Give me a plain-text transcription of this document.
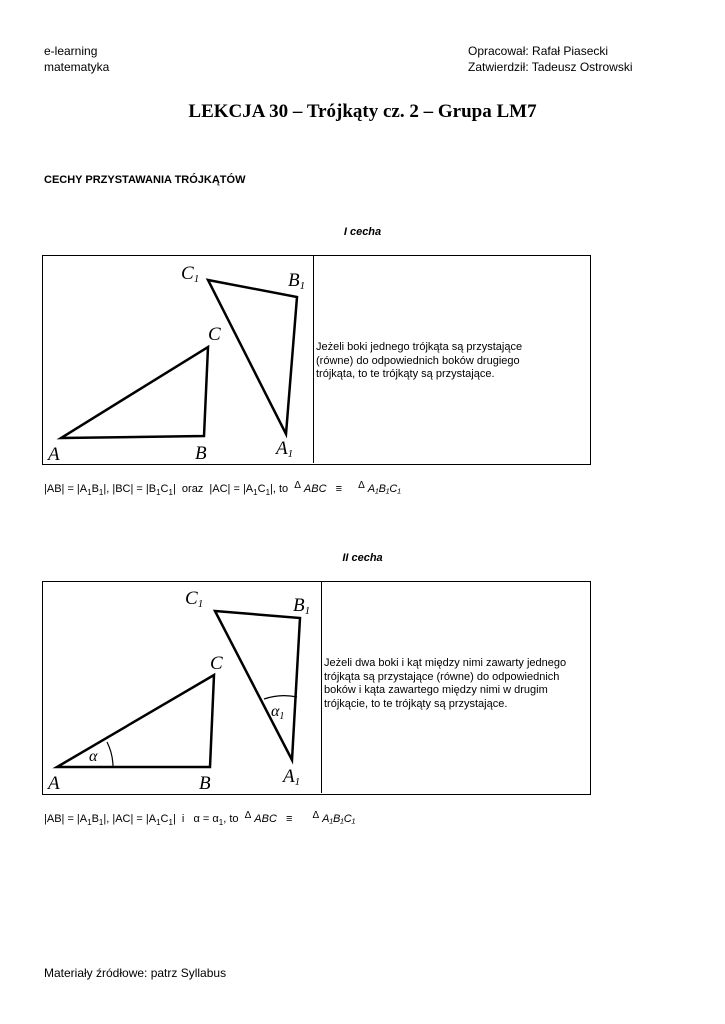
e-learning
matematyka
Opracował: Rafał Piasecki
Zatwierdził: Tadeusz Ostrowski
LEKCJA 30 – Trójkąty cz. 2 – Grupa LM7
CECHY PRZYSTAWANIA TRÓJKĄTÓW
I cecha
A	B
C
C1	B1
A1
Jeżeli boki jednego trójkąta są przystające (równe) do odpowiednich boków drugiego trójkąta, to te trójkąty są przystające.
$|AB| = |A_1B_1|$, $|BC| = |B_1C_1|$  oraz  $|AC| = |A_1C_1|$, to Δ ABC ≡ Δ A₁B₁C₁
II cecha
α
α1
A	B
C
C1	B1
A1
Jeżeli dwa boki i kąt między nimi zawarty jednego trójkąta są przystające (równe) do odpowiednich boków i kąta zawartego między nimi w drugim trójkącie, to te trójkąty są przystające.
$|AB| = |A_1B_1|$, $|AC| = |A_1C_1|$  i   $\alpha = \alpha_1$, to Δ ABC ≡ Δ A₁B₁C₁
Materiały źródłowe: patrz Syllabus
